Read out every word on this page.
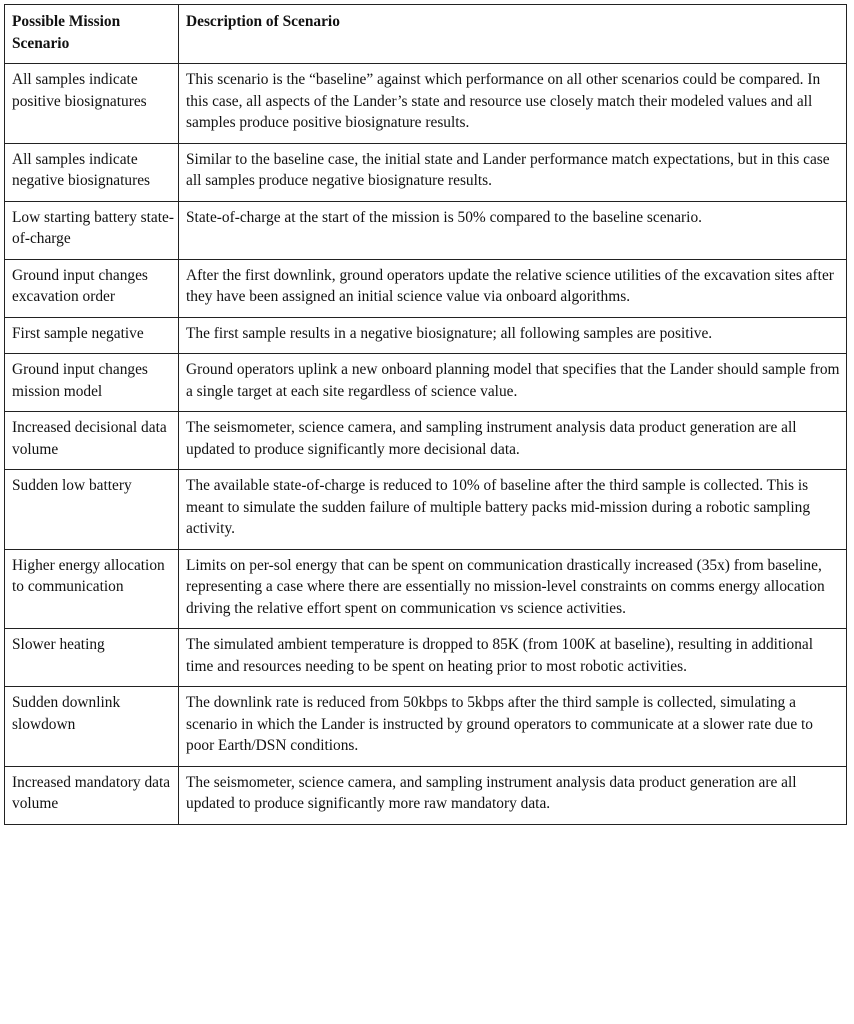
Possible Mission Scenario	Description of Scenario
All samples indicate positive biosignatures	This scenario is the “baseline” against which performance on all other scenarios could be compared. In this case, all aspects of the Lander’s state and resource use closely match their modeled values and all samples produce positive biosignature results.
All samples indicate negative biosignatures	Similar to the baseline case, the initial state and Lander performance match expectations, but in this case all samples produce negative biosignature results.
Low starting battery state-of-charge	State-of-charge at the start of the mission is 50% compared to the baseline scenario.
Ground input changes excavation order	After the first downlink, ground operators update the relative science utilities of the excavation sites after they have been assigned an initial science value via onboard algorithms.
First sample negative	The first sample results in a negative biosignature; all following samples are positive.
Ground input changes mission model	Ground operators uplink a new onboard planning model that specifies that the Lander should sample from a single target at each site regardless of science value.
Increased decisional data volume	The seismometer, science camera, and sampling instrument analysis data product generation are all updated to produce significantly more decisional data.
Sudden low battery	The available state-of-charge is reduced to 10% of baseline after the third sample is collected. This is meant to simulate the sudden failure of multiple battery packs mid-mission during a robotic sampling activity.
Higher energy allocation to communication	Limits on per-sol energy that can be spent on communication drastically increased (35x) from baseline, representing a case where there are essentially no mission-level constraints on comms energy allocation driving the relative effort spent on communication vs science activities.
Slower heating	The simulated ambient temperature is dropped to 85K (from 100K at baseline), resulting in additional time and resources needing to be spent on heating prior to most robotic activities.
Sudden downlink slowdown	The downlink rate is reduced from 50kbps to 5kbps after the third sample is collected, simulating a scenario in which the Lander is instructed by ground operators to communicate at a slower rate due to poor Earth/DSN conditions.
Increased mandatory data volume	The seismometer, science camera, and sampling instrument analysis data product generation are all updated to produce significantly more raw mandatory data.
